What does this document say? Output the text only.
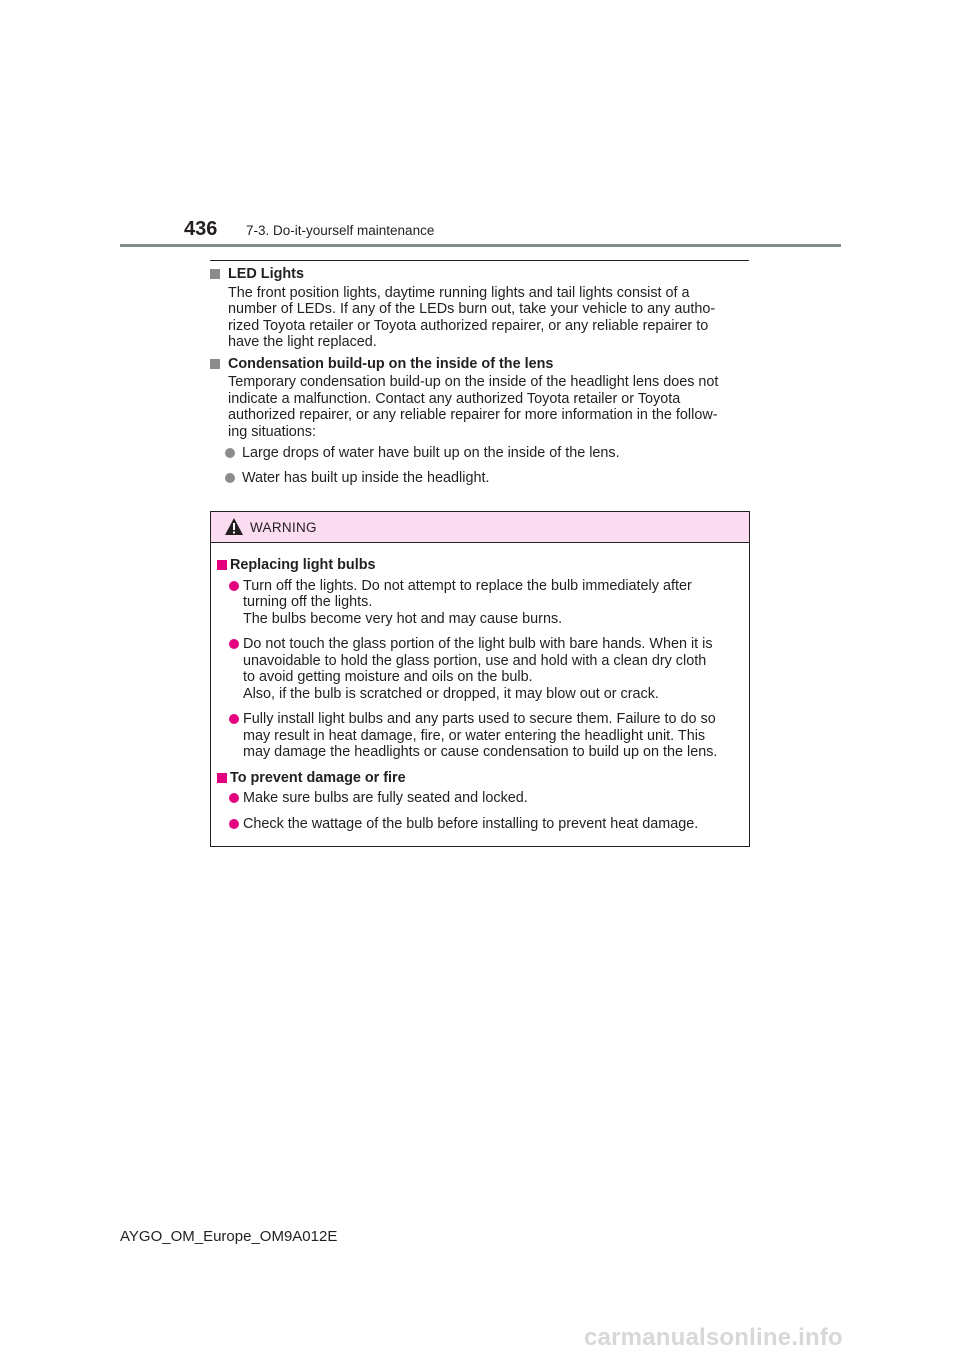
436 7-3. Do-it-yourself maintenance

LED Lights

The front position lights, daytime running lights and tail lights consist of a
number of LEDs. If any of the LEDs burn out, take your vehicle to any autho-
rized Toyota retailer or Toyota authorized repairer, or any reliable repairer to
have the light replaced.

Condensation build-up on the inside of the lens

Temporary condensation build-up on the inside of the headlight lens does not
indicate a malfunction. Contact any authorized Toyota retailer or Toyota
authorized repairer, or any reliable repairer for more information in the follow-
ing situations:

Large drops of water have built up on the inside of the lens.

Water has built up inside the headlight.

WARNING

Replacing light bulbs

Turn off the lights. Do not attempt to replace the bulb immediately after
turning off the lights.
The bulbs become very hot and may cause burns.

Do not touch the glass portion of the light bulb with bare hands. When it is
unavoidable to hold the glass portion, use and hold with a clean dry cloth
to avoid getting moisture and oils on the bulb.
Also, if the bulb is scratched or dropped, it may blow out or crack.

Fully install light bulbs and any parts used to secure them. Failure to do so
may result in heat damage, fire, or water entering the headlight unit. This
may damage the headlights or cause condensation to build up on the lens.

To prevent damage or fire

Make sure bulbs are fully seated and locked.

Check the wattage of the bulb before installing to prevent heat damage.

AYGO_OM_Europe_OM9A012E
carmanualsonline.info
